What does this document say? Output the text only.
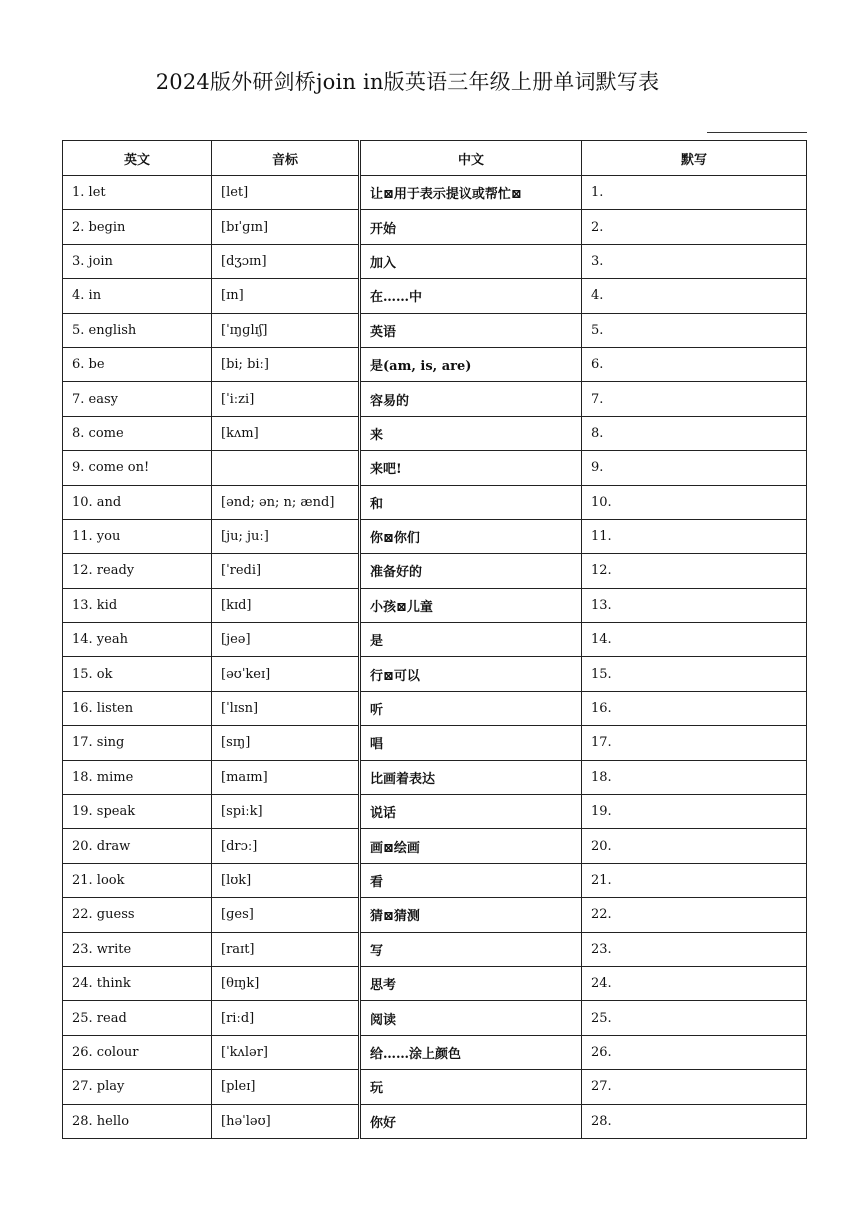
2024版外研剑桥join in版英语三年级上册单词默写表
英文	音标	中文	默写
1. let	[let]	让⊠用于表示提议或帮忙⊠	1.
2. begin	[bɪˈɡɪn]	开始	2.
3. join	[dʒɔɪn]	加入	3.
4. in	[ɪn]	在……中	4.
5. english	[ˈɪŋɡlɪʃ]	英语	5.
6. be	[bi; biː]	是(am, is, are)	6.
7. easy	[ˈiːzi]	容易的	7.
8. come	[kʌm]	来	8.
9. come on!		来吧!	9.
10. and	[ənd; ən; n; ænd]	和	10.
11. you	[ju; juː]	你⊠你们	11.
12. ready	[ˈredi]	准备好的	12.
13. kid	[kɪd]	小孩⊠儿童	13.
14. yeah	[jeə]	是	14.
15. ok	[əʊˈkeɪ]	行⊠可以	15.
16. listen	[ˈlɪsn]	听	16.
17. sing	[sɪŋ]	唱	17.
18. mime	[maɪm]	比画着表达	18.
19. speak	[spiːk]	说话	19.
20. draw	[drɔː]	画⊠绘画	20.
21. look	[lʊk]	看	21.
22. guess	[ɡes]	猜⊠猜测	22.
23. write	[raɪt]	写	23.
24. think	[θɪŋk]	思考	24.
25. read	[riːd]	阅读	25.
26. colour	[ˈkʌlər]	给……涂上颜色	26.
27. play	[pleɪ]	玩	27.
28. hello	[həˈləʊ]	你好	28.
